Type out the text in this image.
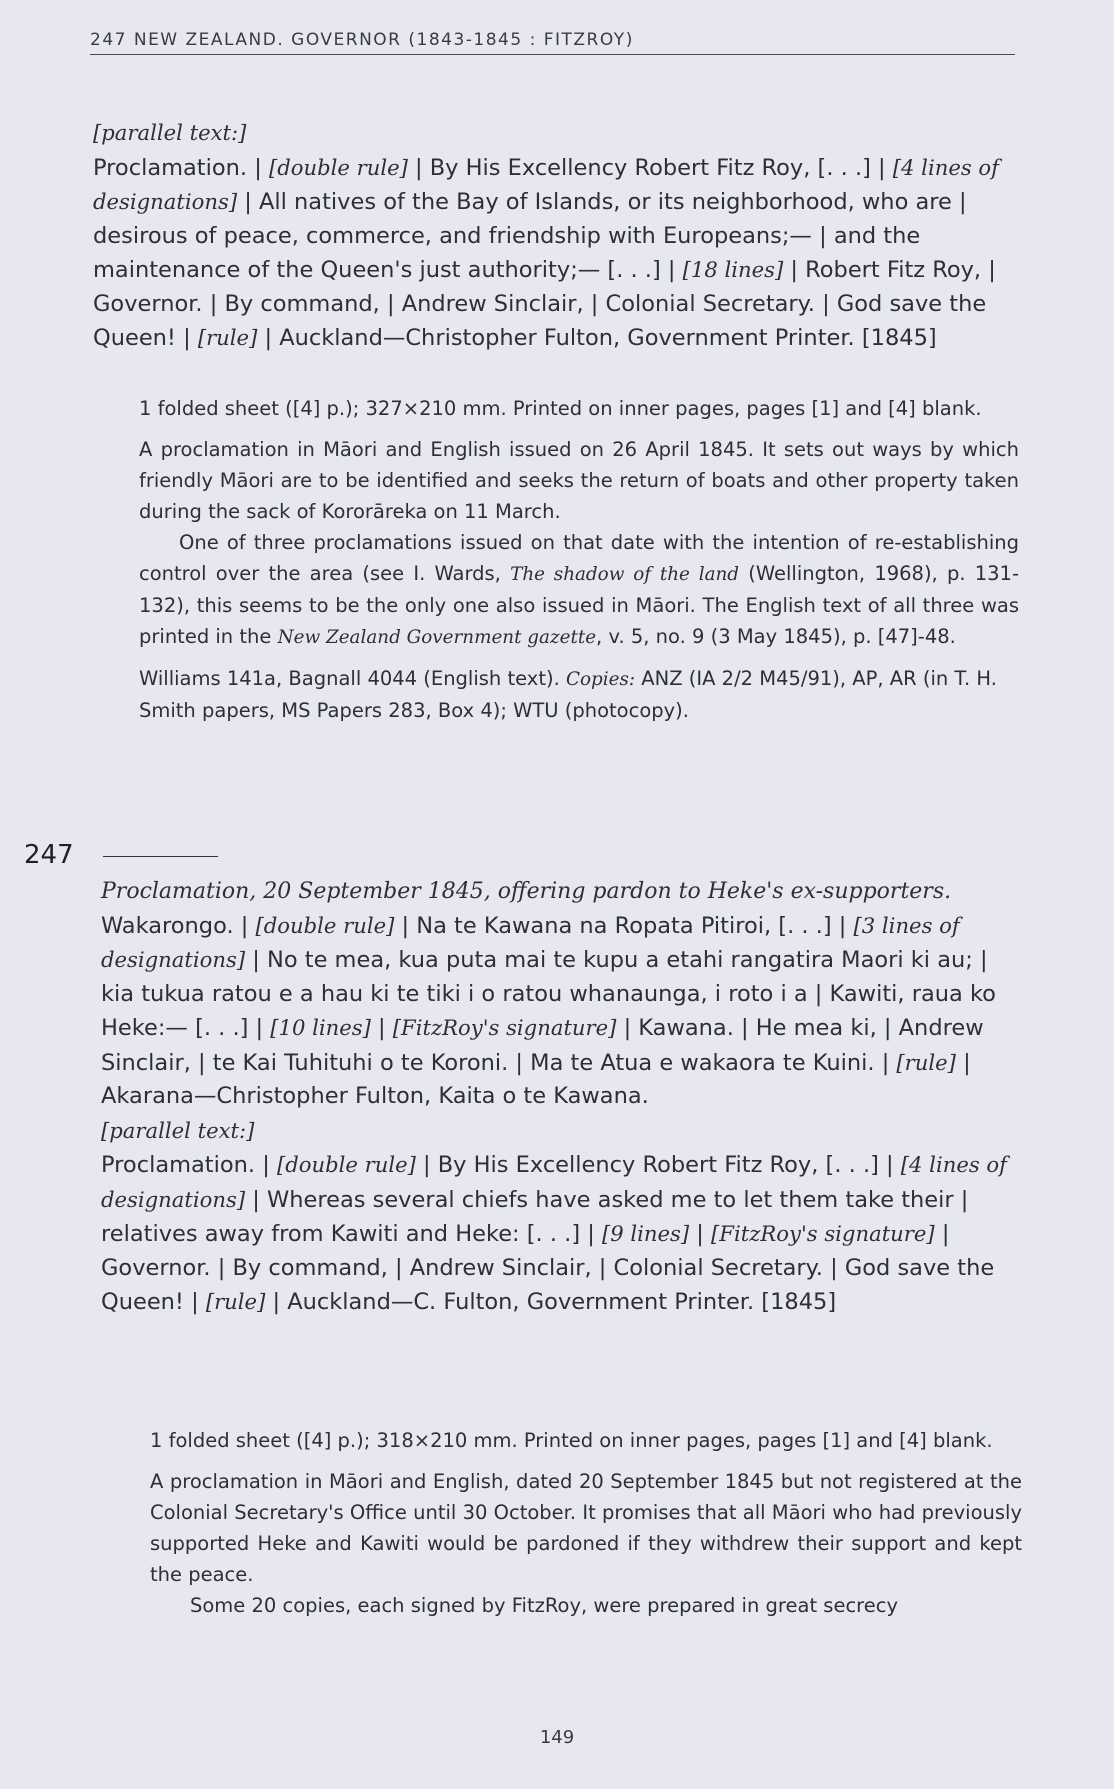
247 NEW ZEALAND. GOVERNOR (1843-1845 : FITZROY)

[parallel text:]

Proclamation. | [double rule] | By His Excellency Robert Fitz Roy, [. . .] | [4 lines of designations] | All natives of the Bay of Islands, or its neighborhood, who are | desirous of peace, commerce, and friendship with Europeans;— | and the maintenance of the Queen's just authority;— [. . .] | [18 lines] | Robert Fitz Roy, | Governor. | By command, | Andrew Sinclair, | Colonial Secretary. | God save the Queen! | [rule] | Auckland—Christopher Fulton, Government Printer. [1845]

1 folded sheet ([4] p.); 327×210 mm. Printed on inner pages, pages [1] and [4] blank.

A proclamation in Māori and English issued on 26 April 1845. It sets out ways by which friendly Māori are to be identified and seeks the return of boats and other property taken during the sack of Kororāreka on 11 March.

One of three proclamations issued on that date with the intention of re-establishing control over the area (see I. Wards, The shadow of the land (Wellington, 1968), p. 131-132), this seems to be the only one also issued in Māori. The English text of all three was printed in the New Zealand Government gazette, v. 5, no. 9 (3 May 1845), p. [47]-48.

Williams 141a, Bagnall 4044 (English text). Copies: ANZ (IA 2/2 M45/91), AP, AR (in T. H. Smith papers, MS Papers 283, Box 4); WTU (photocopy).

247

Proclamation, 20 September 1845, offering pardon to Heke's ex-supporters.

Wakarongo. | [double rule] | Na te Kawana na Ropata Pitiroi, [. . .] | [3 lines of designations] | No te mea, kua puta mai te kupu a etahi rangatira Maori ki au; | kia tukua ratou e a hau ki te tiki i o ratou whanaunga, i roto i a | Kawiti, raua ko Heke:— [. . .] | [10 lines] | [FitzRoy's signature] | Kawana. | He mea ki, | Andrew Sinclair, | te Kai Tuhituhi o te Koroni. | Ma te Atua e wakaora te Kuini. | [rule] | Akarana—Christopher Fulton, Kaita o te Kawana.

[parallel text:]

Proclamation. | [double rule] | By His Excellency Robert Fitz Roy, [. . .] | [4 lines of designations] | Whereas several chiefs have asked me to let them take their | relatives away from Kawiti and Heke: [. . .] | [9 lines] | [FitzRoy's signature] | Governor. | By command, | Andrew Sinclair, | Colonial Secretary. | God save the Queen! | [rule] | Auckland—C. Fulton, Government Printer. [1845]

1 folded sheet ([4] p.); 318×210 mm. Printed on inner pages, pages [1] and [4] blank.

A proclamation in Māori and English, dated 20 September 1845 but not registered at the Colonial Secretary's Office until 30 October. It promises that all Māori who had previously supported Heke and Kawiti would be pardoned if they withdrew their support and kept the peace.

Some 20 copies, each signed by FitzRoy, were prepared in great secrecy

149
